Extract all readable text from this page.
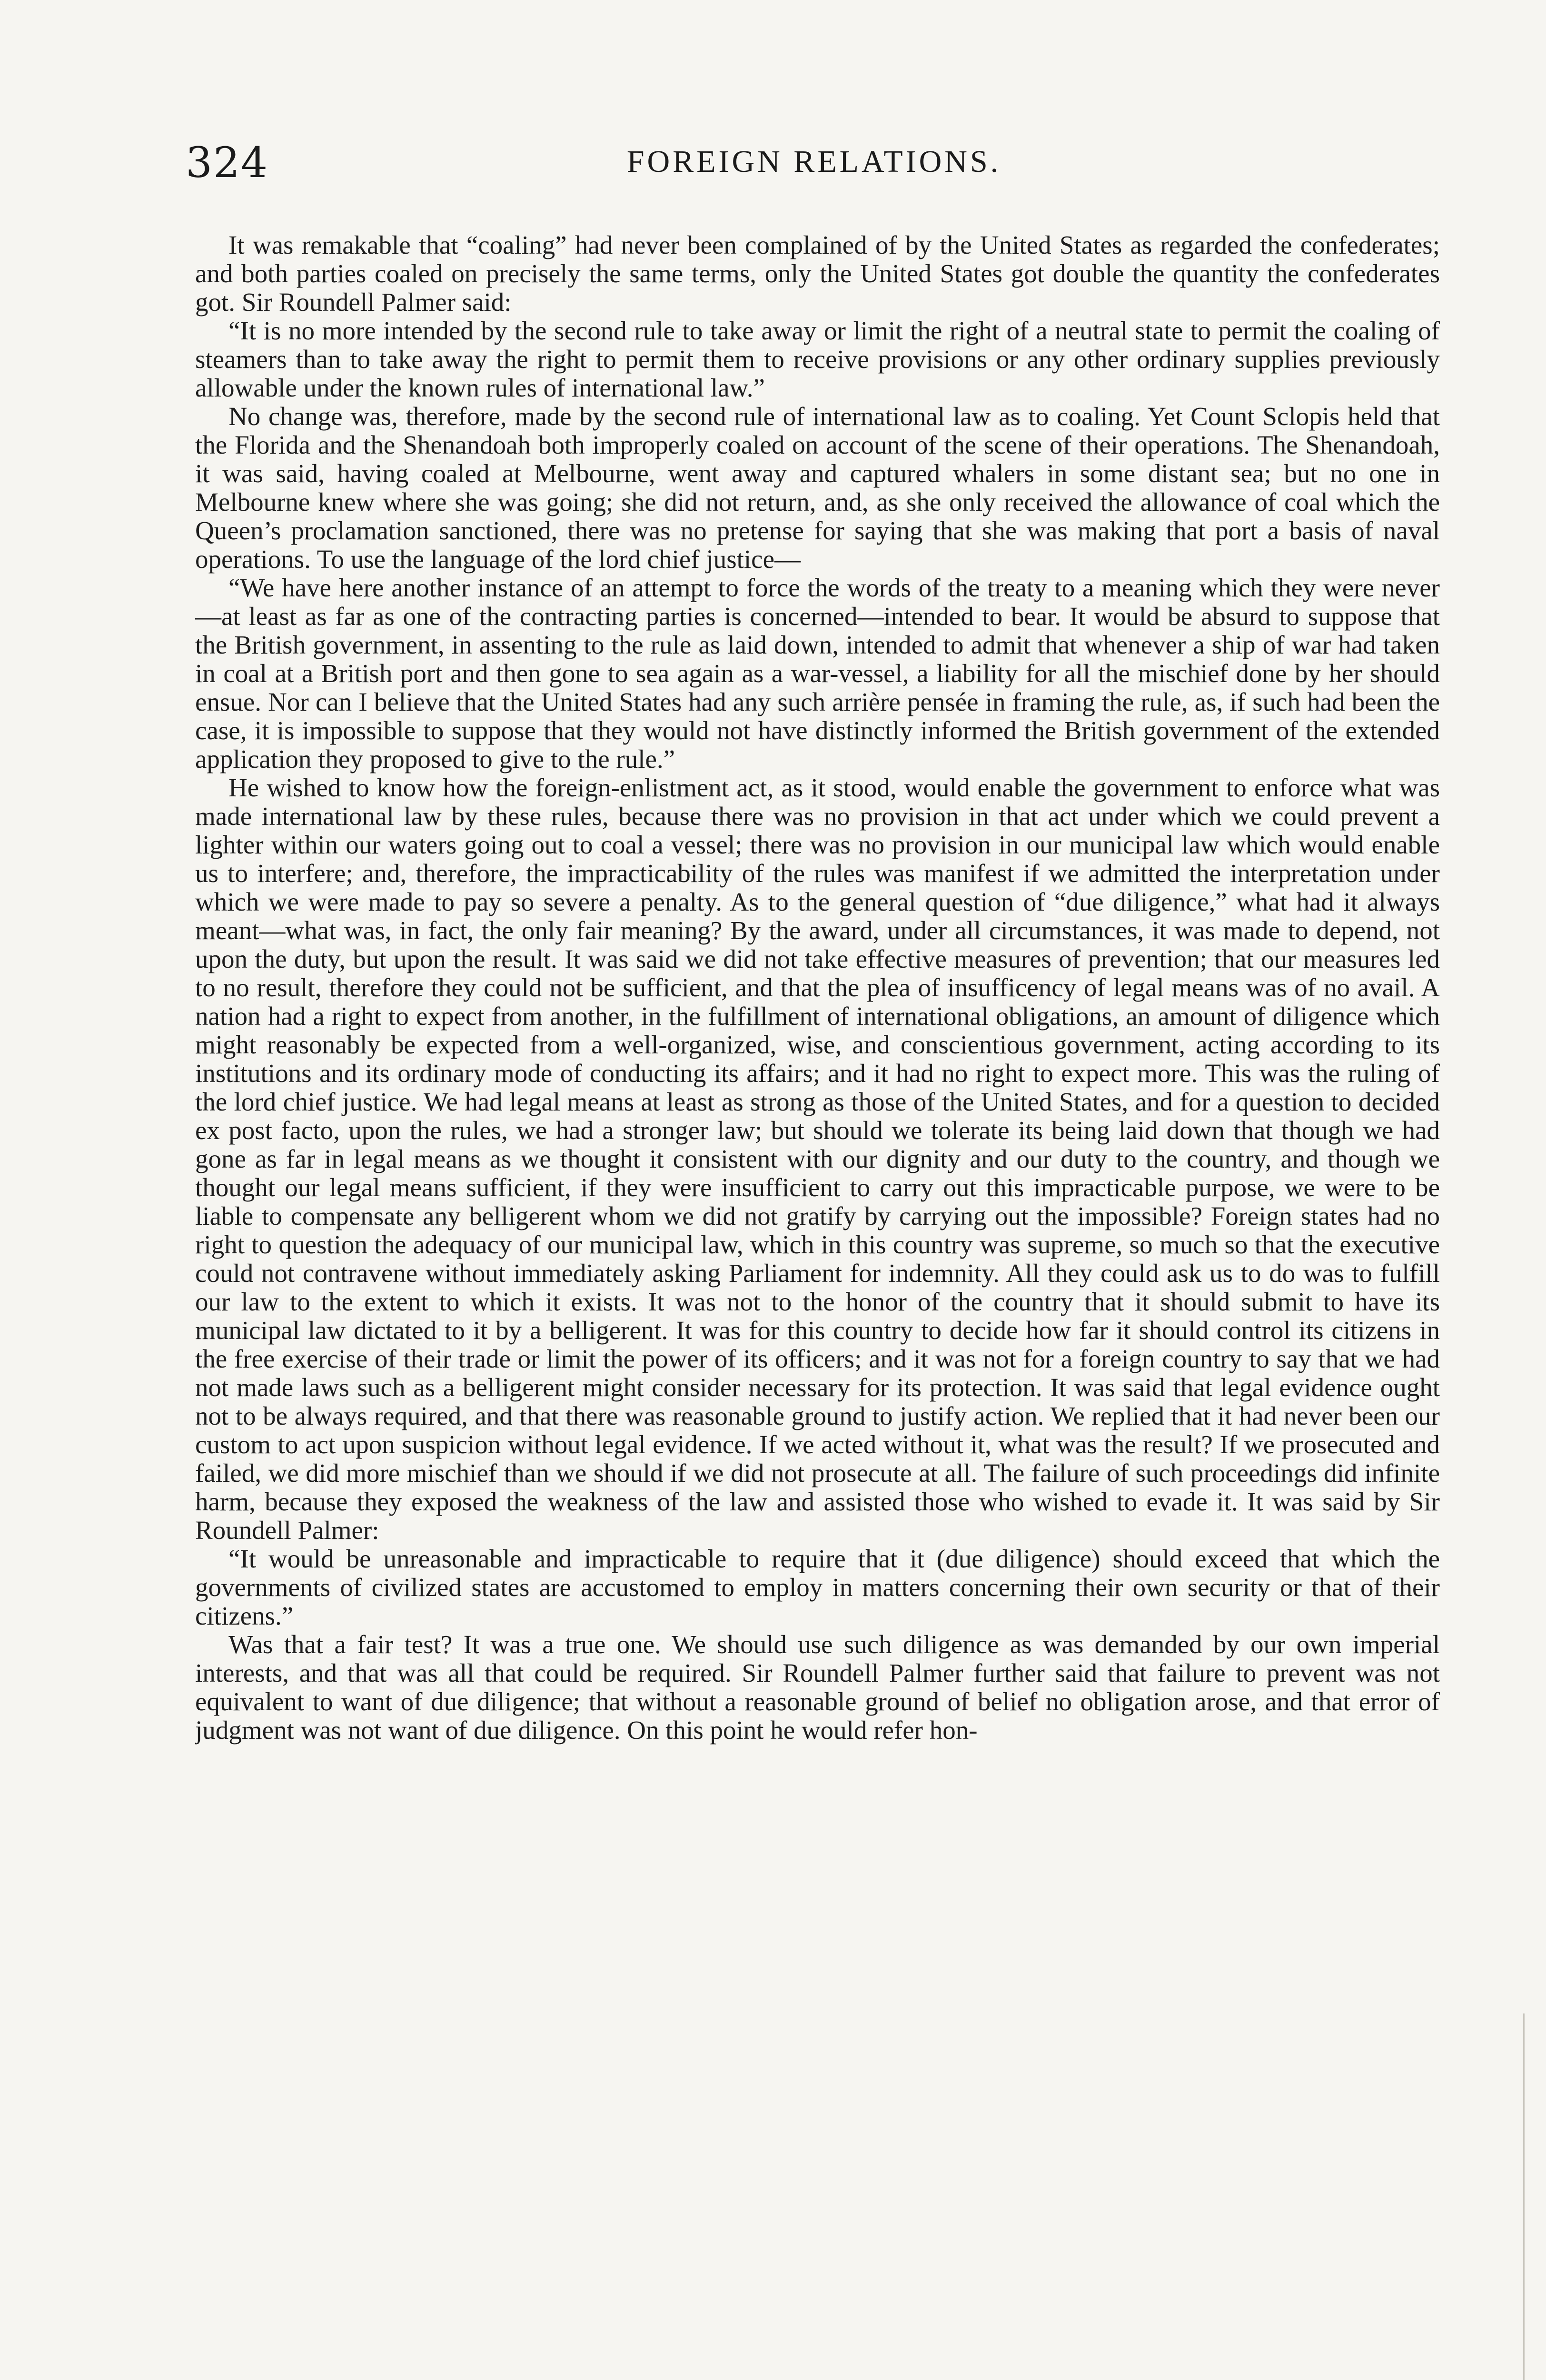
324	FOREIGN RELATIONS.

It was remakable that “coaling” had never been complained of by the United States as regarded the confederates; and both parties coaled on precisely the same terms, only the United States got double the quantity the confederates got. Sir Roundell Palmer said:

“It is no more intended by the second rule to take away or limit the right of a neutral state to permit the coaling of steamers than to take away the right to permit them to receive provisions or any other ordinary supplies previously allowable under the known rules of international law.”

No change was, therefore, made by the second rule of international law as to coaling. Yet Count Sclopis held that the Florida and the Shenandoah both improperly coaled on account of the scene of their operations. The Shenandoah, it was said, having coaled at Melbourne, went away and captured whalers in some distant sea; but no one in Melbourne knew where she was going; she did not return, and, as she only received the allowance of coal which the Queen’s proclamation sanctioned, there was no pretense for saying that she was making that port a basis of naval operations. To use the language of the lord chief justice—

“We have here another instance of an attempt to force the words of the treaty to a meaning which they were never—at least as far as one of the contracting parties is concerned—intended to bear. It would be absurd to suppose that the British government, in assenting to the rule as laid down, intended to admit that whenever a ship of war had taken in coal at a British port and then gone to sea again as a war-vessel, a liability for all the mischief done by her should ensue. Nor can I believe that the United States had any such arrière pensée in framing the rule, as, if such had been the case, it is impossible to suppose that they would not have distinctly informed the British government of the extended application they proposed to give to the rule.”

He wished to know how the foreign-enlistment act, as it stood, would enable the government to enforce what was made international law by these rules, because there was no provision in that act under which we could prevent a lighter within our waters going out to coal a vessel; there was no provision in our municipal law which would enable us to interfere; and, therefore, the impracticability of the rules was manifest if we admitted the interpretation under which we were made to pay so severe a penalty. As to the general question of “due diligence,” what had it always meant—what was, in fact, the only fair meaning? By the award, under all circumstances, it was made to depend, not upon the duty, but upon the result. It was said we did not take effective measures of prevention; that our measures led to no result, therefore they could not be sufficient, and that the plea of insufficency of legal means was of no avail. A nation had a right to expect from another, in the fulfillment of international obligations, an amount of diligence which might reasonably be expected from a well-organized, wise, and conscientious government, acting according to its institutions and its ordinary mode of conducting its affairs; and it had no right to expect more. This was the ruling of the lord chief justice. We had legal means at least as strong as those of the United States, and for a question to decided ex post facto, upon the rules, we had a stronger law; but should we tolerate its being laid down that though we had gone as far in legal means as we thought it consistent with our dignity and our duty to the country, and though we thought our legal means sufficient, if they were insufficient to carry out this impracticable purpose, we were to be liable to compensate any belligerent whom we did not gratify by carrying out the impossible? Foreign states had no right to question the adequacy of our municipal law, which in this country was supreme, so much so that the executive could not contravene without immediately asking Parliament for indemnity. All they could ask us to do was to fulfill our law to the extent to which it exists. It was not to the honor of the country that it should submit to have its municipal law dictated to it by a belligerent. It was for this country to decide how far it should control its citizens in the free exercise of their trade or limit the power of its officers; and it was not for a foreign country to say that we had not made laws such as a belligerent might consider necessary for its protection. It was said that legal evidence ought not to be always required, and that there was reasonable ground to justify action. We replied that it had never been our custom to act upon suspicion without legal evidence. If we acted without it, what was the result? If we prosecuted and failed, we did more mischief than we should if we did not prosecute at all. The failure of such proceedings did infinite harm, because they exposed the weakness of the law and assisted those who wished to evade it. It was said by Sir Roundell Palmer:

“It would be unreasonable and impracticable to require that it (due diligence) should exceed that which the governments of civilized states are accustomed to employ in matters concerning their own security or that of their citizens.”

Was that a fair test? It was a true one. We should use such diligence as was demanded by our own imperial interests, and that was all that could be required. Sir Roundell Palmer further said that failure to prevent was not equivalent to want of due diligence; that without a reasonable ground of belief no obligation arose, and that error of judgment was not want of due diligence. On this point he would refer hon-
